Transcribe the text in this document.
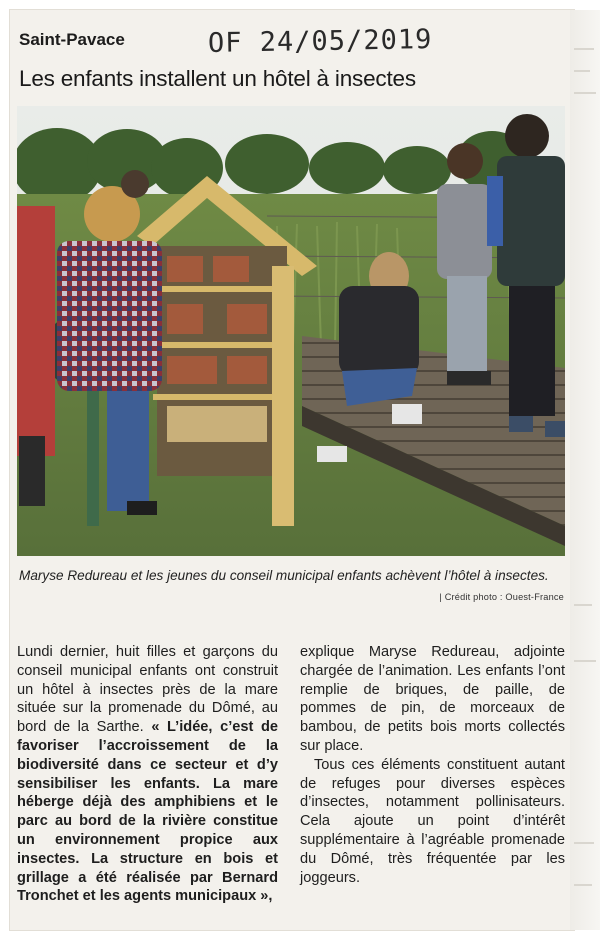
Saint-Pavace	OF 24/05/2019
Les enfants installent un hôtel à insectes
Maryse Redureau et les jeunes du conseil municipal enfants achèvent l’hôtel à insectes.
| Crédit photo : Ouest-France

Lundi dernier, huit filles et garçons du conseil municipal enfants ont construit un hôtel à insectes près de la mare située sur la promenade du Dômé, au bord de la Sarthe. « L’idée, c’est de favoriser l’accroissement de la biodiversité dans ce secteur et d’y sensibiliser les enfants. La mare héberge déjà des amphibiens et le parc au bord de la rivière constitue un environnement propice aux insectes. La structure en bois et grillage a été réalisée par Bernard Tronchet et les agents municipaux »,

explique Maryse Redureau, adjointe chargée de l’animation. Les enfants l’ont remplie de briques, de paille, de pommes de pin, de morceaux de bambou, de petits bois morts collectés sur place.

Tous ces éléments constituent autant de refuges pour diverses espèces d’insectes, notamment pollinisateurs. Cela ajoute un point d’intérêt supplémentaire à l’agréable promenade du Dômé, très fréquentée par les joggeurs.
